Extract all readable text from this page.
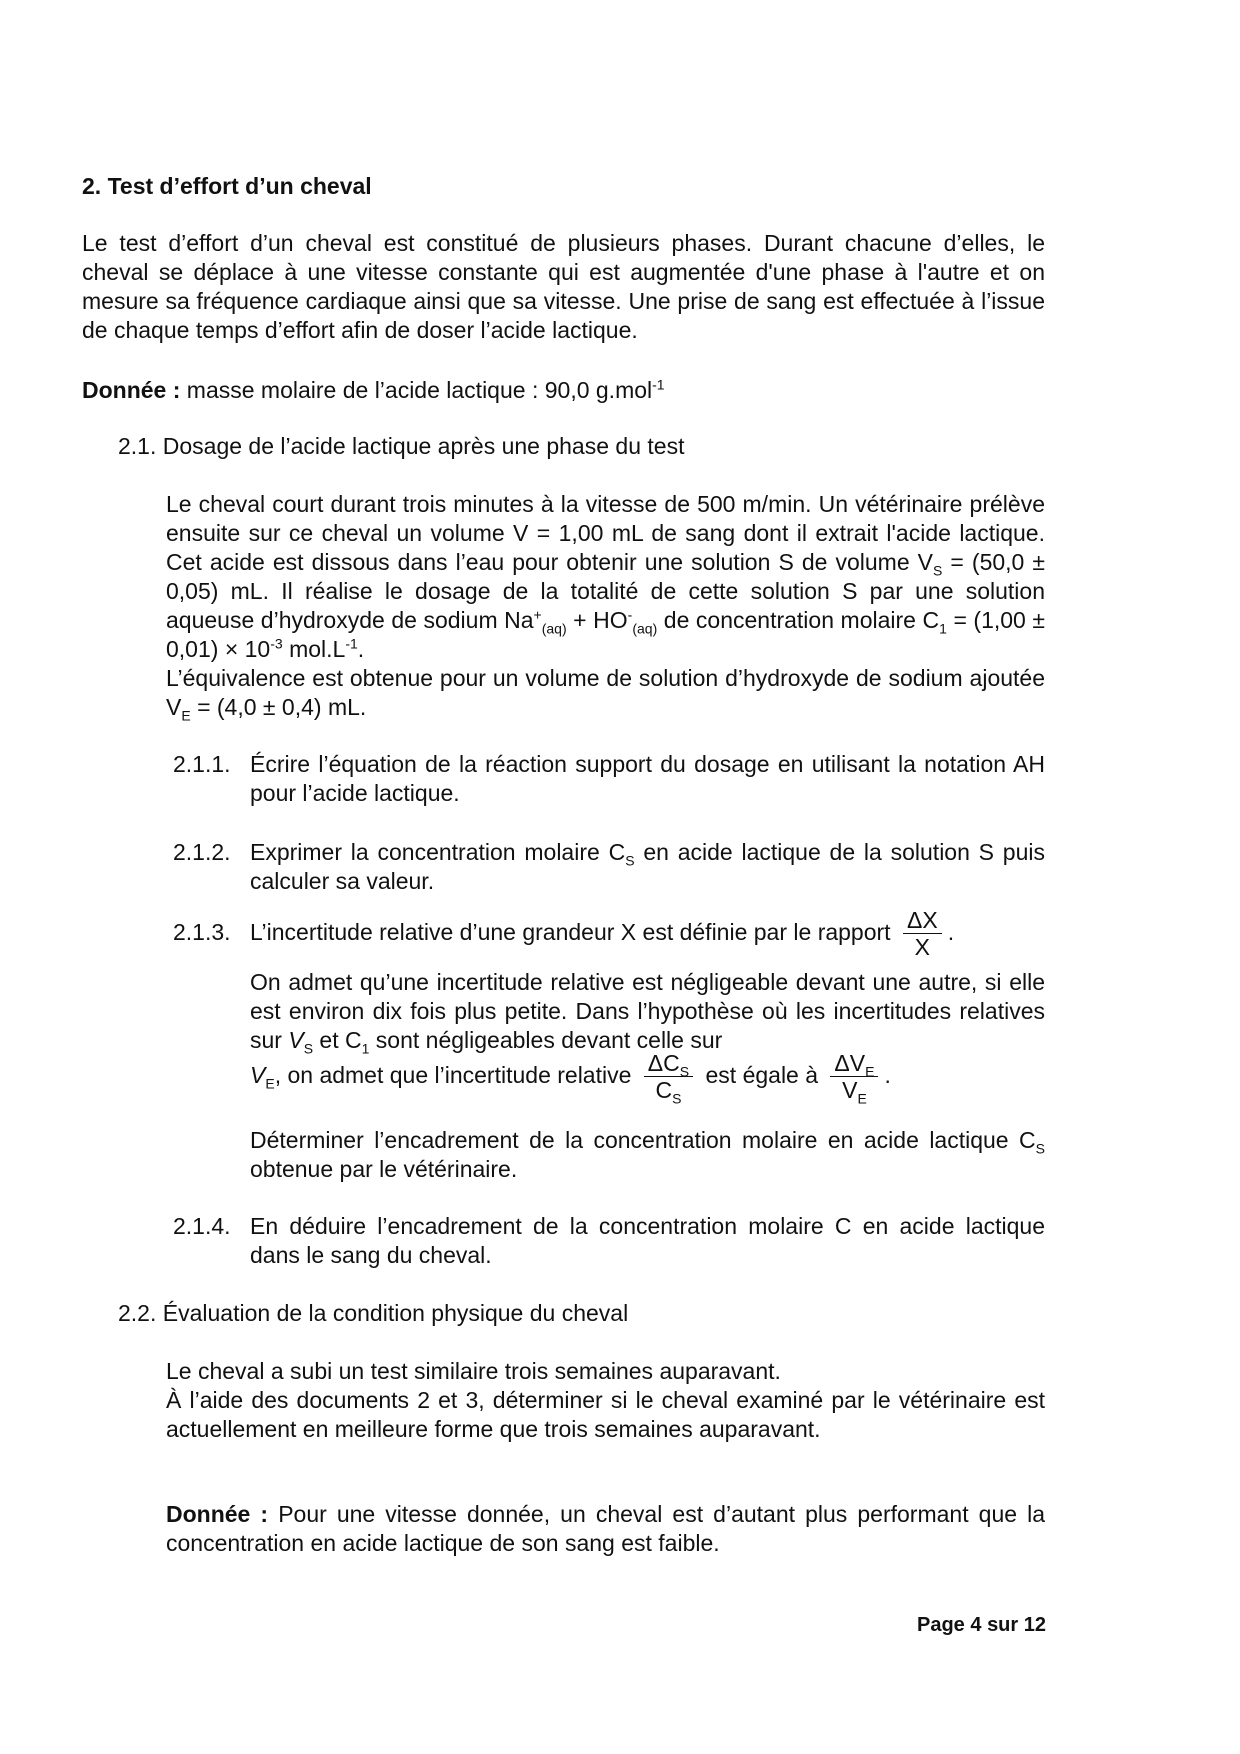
2. Test d’effort d’un cheval
Le test d’effort d’un cheval est constitué de plusieurs phases. Durant chacune d’elles, le cheval se déplace à une vitesse constante qui est augmentée d'une phase à l'autre et on mesure sa fréquence cardiaque ainsi que sa vitesse. Une prise de sang est effectuée à l’issue de chaque temps d’effort afin de doser l’acide lactique.
Donnée : masse molaire de l’acide lactique : 90,0 g.mol$^{-1}$
2.1. Dosage de l’acide lactique après une phase du test
Le cheval court durant trois minutes à la vitesse de 500 m/min. Un vétérinaire prélève ensuite sur ce cheval un volume V = 1,00 mL de sang dont il extrait l'acide lactique. Cet acide est dissous dans l’eau pour obtenir une solution S de volume $V_S = (50,0 \pm 0,05)$ mL. Il réalise le dosage de la totalité de cette solution S par une solution aqueuse d’hydroxyde de sodium $Na^+_{(aq)} + HO^-_{(aq)}$ de concentration molaire $C_1 = (1,00 \pm 0,01) \times 10^{-3}$ $mol.L^{-1}$.
L’équivalence est obtenue pour un volume de solution d’hydroxyde de sodium ajoutée $V_E = (4,0 \pm 0,4)$ mL.
2.1.1. Écrire l’équation de la réaction support du dosage en utilisant la notation AH pour l’acide lactique.
2.1.2. Exprimer la concentration molaire $C_S$ en acide lactique de la solution S puis calculer sa valeur.
2.1.3. L’incertitude relative d’une grandeur X est définie par le rapport $\frac{\Delta X}{X}$ .
On admet qu’une incertitude relative est négligeable devant une autre, si elle est environ dix fois plus petite. Dans l’hypothèse où les incertitudes relatives sur $V_S$ et $C_1$ sont négligeables devant celle sur
$V_E$, on admet que l’incertitude relative $\frac{\Delta C_S}{C_S}$ est égale à $\frac{\Delta V_E}{V_E}$ .
Déterminer l’encadrement de la concentration molaire en acide lactique $C_S$ obtenue par le vétérinaire.
2.1.4. En déduire l’encadrement de la concentration molaire C en acide lactique dans le sang du cheval.
2.2. Évaluation de la condition physique du cheval
Le cheval a subi un test similaire trois semaines auparavant.
À l’aide des documents 2 et 3, déterminer si le cheval examiné par le vétérinaire est actuellement en meilleure forme que trois semaines auparavant.
Donnée : Pour une vitesse donnée, un cheval est d’autant plus performant que la concentration en acide lactique de son sang est faible.
Page 4 sur 12
